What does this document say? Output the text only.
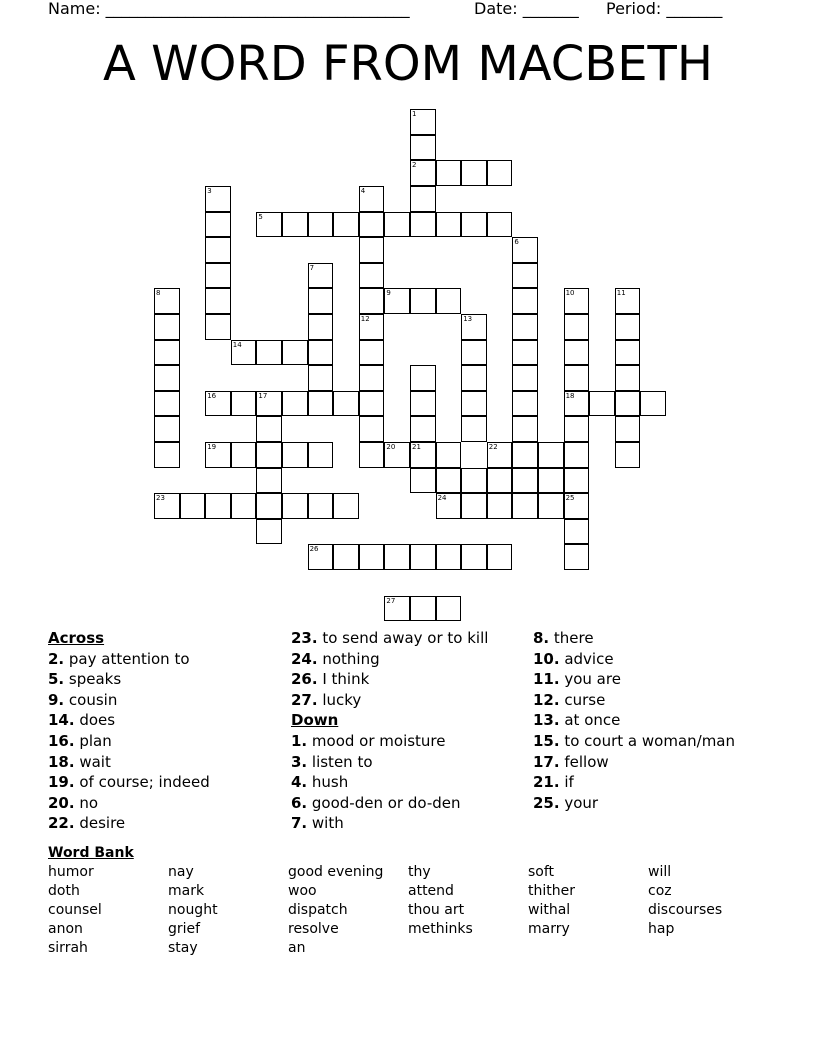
Name: ______________________________________	Date: _______ Period: _______
A WORD FROM MACBETH
1
2
3	4
12
5
6
7
8	9	10
18
11
13
14
16	17
19	20 21	22
23	24	25
26
27
Across
2. pay attention to
5. speaks
9. cousin
14. does
16. plan
18. wait
19. of course; indeed
20. no
22. desire
23. to send away or to kill
24. nothing
26. I think
27. lucky
Down
1. mood or moisture
3. listen to
4. hush
6. good-den or do-den
7. with
8. there
10. advice
11. you are
12. curse
13. at once
15. to court a woman/man
17. fellow
21. if
25. your
Word Bank
humor
doth
counsel
anon
sirrah
nay
mark
nought
grief
stay
good evening
woo
dispatch
resolve
an
thy
attend
thou art
methinks
soft
thither
withal
marry
will
coz
discourses
hap
